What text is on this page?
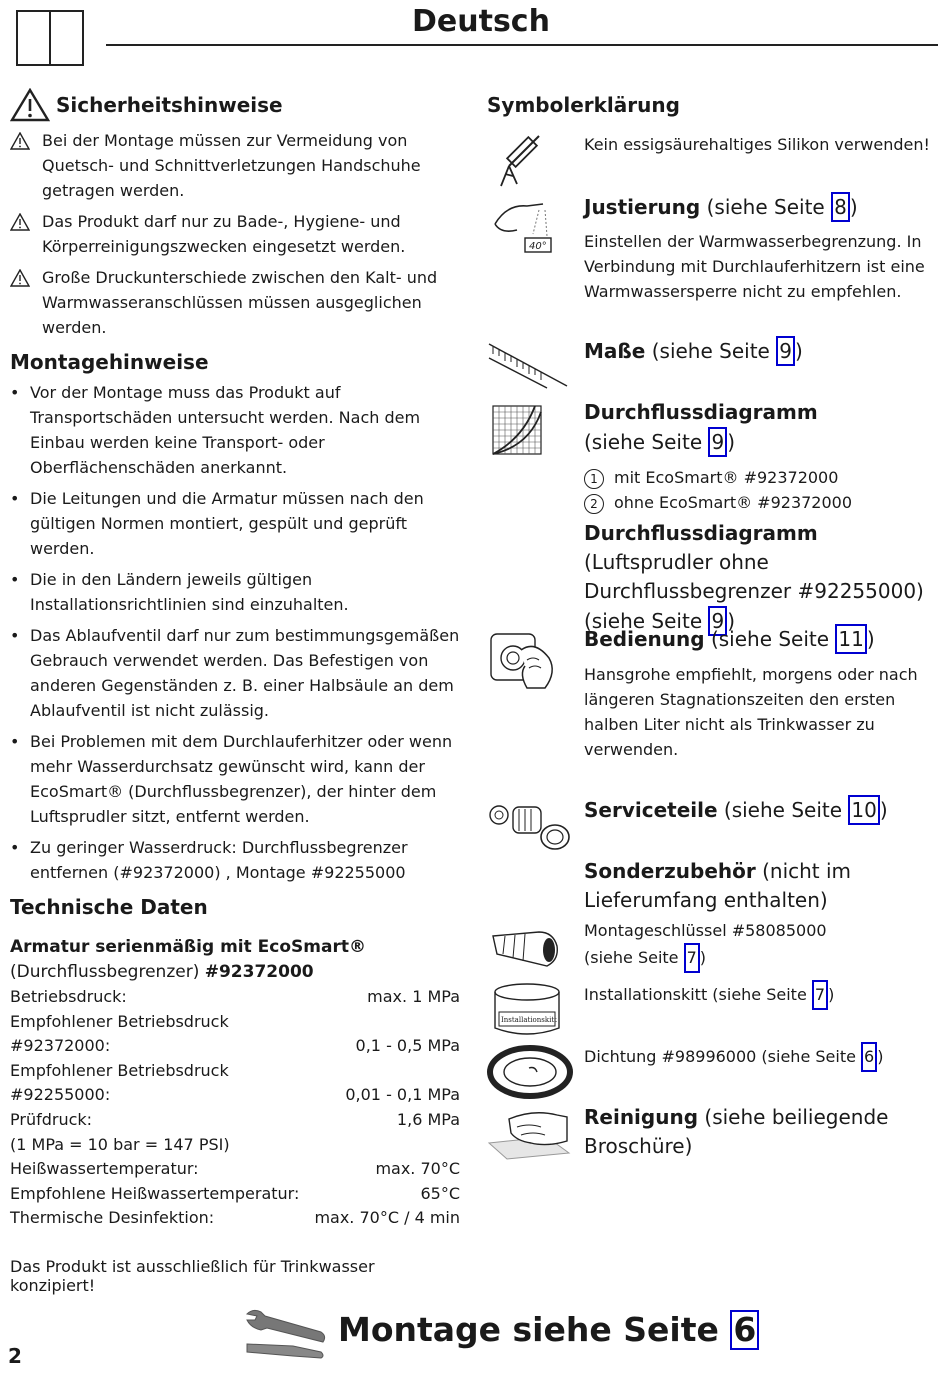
Deutsch
Sicherheitshinweise
Bei der Montage müssen zur Vermeidung von Quetsch- und Schnittverletzungen Handschuhe getragen werden.
Das Produkt darf nur zu Bade-, Hygiene- und Körperreinigungszwecken eingesetzt werden.
Große Druckunterschiede zwischen den Kalt- und Warmwasseranschlüssen müssen ausgeglichen werden.
Montagehinweise
• Vor der Montage muss das Produkt auf Transportschäden untersucht werden. Nach dem Einbau werden keine Transport- oder Oberflächenschäden anerkannt.
• Die Leitungen und die Armatur müssen nach den gültigen Normen montiert, gespült und geprüft werden.
• Die in den Ländern jeweils gültigen Installationsrichtlinien sind einzuhalten.
• Das Ablaufventil darf nur zum bestimmungsgemäßen Gebrauch verwendet werden. Das Befestigen von anderen Gegenständen z. B. einer Halbsäule an dem Ablaufventil ist nicht zulässig.
• Bei Problemen mit dem Durchlauferhitzer oder wenn mehr Wasserdurchsatz gewünscht wird, kann der EcoSmart® (Durchflussbegrenzer), der hinter dem Luftsprudler sitzt, entfernt werden.
• Zu geringer Wasserdruck: Durchflussbegrenzer entfernen (#92372000) , Montage #92255000
Technische Daten
Armatur serienmäßig mit EcoSmart® (Durchflussbegrenzer) #92372000
Betriebsdruck:	max. 1 MPa
Empfohlener Betriebsdruck
#92372000:	0,1 - 0,5 MPa
Empfohlener Betriebsdruck
#92255000:	0,01 - 0,1 MPa
Prüfdruck:	1,6 MPa
(1 MPa = 10 bar = 147 PSI)
Heißwassertemperatur:	max. 70°C
Empfohlene Heißwassertemperatur:	65°C
Thermische Desinfektion:	max. 70°C / 4 min
Das Produkt ist ausschließlich für Trinkwasser konzipiert!
Symbolerklärung
Kein essigsäurehaltiges Silikon verwenden!
40°
Justierung (siehe Seite 8 )
Einstellen der Warmwasserbegrenzung. In Verbindung mit Durchlauferhitzern ist eine Warmwassersperre nicht zu empfehlen.
Maße (siehe Seite 9 )
Durchflussdiagramm
(siehe Seite 9 )
1 mit EcoSmart® #92372000
2 ohne EcoSmart® #92372000
Durchflussdiagramm (Luftsprudler ohne Durchflussbegrenzer #92255000) (siehe Seite 9 )
Bedienung (siehe Seite 11 )
Hansgrohe empfiehlt, morgens oder nach längeren Stagnationszeiten den ersten halben Liter nicht als Trinkwasser zu verwenden.
Serviceteile (siehe Seite 10 )
Sonderzubehör (nicht im Lieferumfang enthalten)
Montageschlüssel #58085000
(siehe Seite 7 )
Installationskitt
Installationskitt (siehe Seite 7 )
Dichtung #98996000 (siehe Seite 6 )
Reinigung (siehe beiliegende Broschüre)
Montage siehe Seite 6
2
